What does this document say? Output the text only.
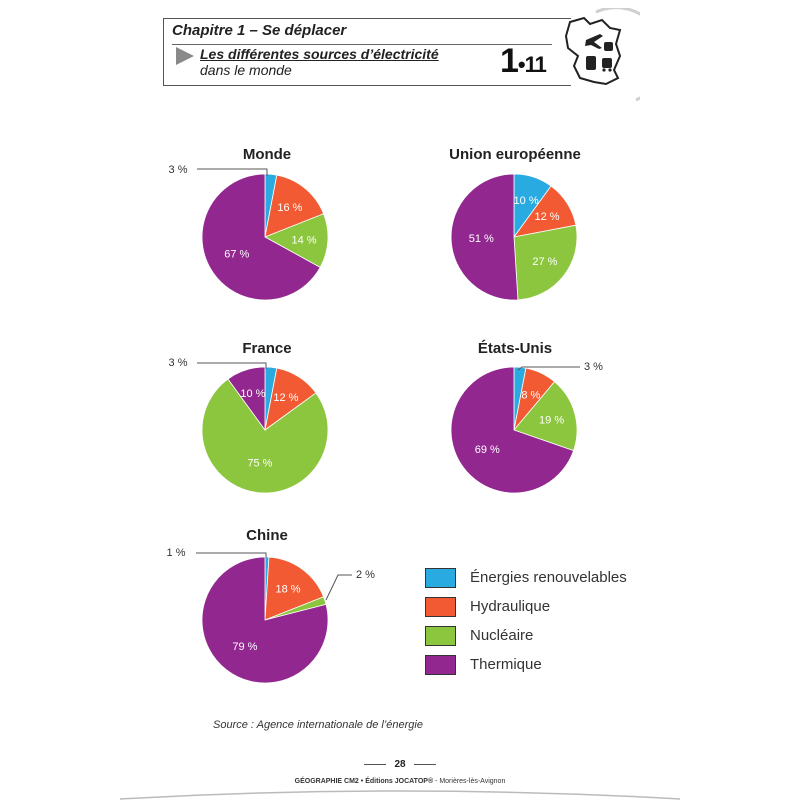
Chapitre 1 – Se déplacer
Les différentes sources d’électricité
dans le monde	1•11
Monde	Union européenne
France	États-Unis
Chine
3 %
16 %
14 %
67 %
10 %
12 %
27 %
51 %
3 %
12 %
75 %
10 %
3 %
8 %
19 %
69 %
1 %
18 %
2 %
79 %
Énergies renouvelables
Hydraulique
Nucléaire
Thermique
Source : Agence internationale de l’énergie
28
GÉOGRAPHIE CM2 • Éditions JOCATOP® - Morières-lès-Avignon
